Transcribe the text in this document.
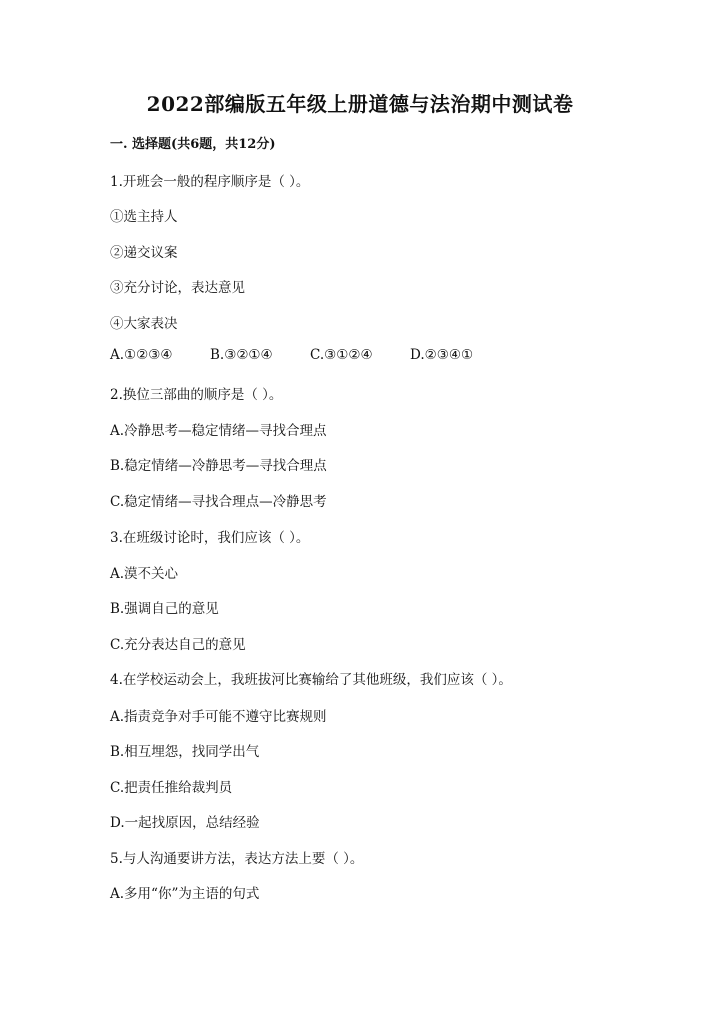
2022部编版五年级上册道德与法治期中测试卷
一. 选择题(共6题，共12分)
1.开班会一般的程序顺序是（ ）。
①选主持人
②递交议案
③充分讨论，表达意见
④大家表决
A.①②③④	B.③②①④	C.③①②④	D.②③④①
2.换位三部曲的顺序是（ ）。
A.冷静思考—稳定情绪—寻找合理点
B.稳定情绪—冷静思考—寻找合理点
C.稳定情绪—寻找合理点—冷静思考
3.在班级讨论时，我们应该（ ）。
A.漠不关心
B.强调自己的意见
C.充分表达自己的意见
4.在学校运动会上，我班拔河比赛输给了其他班级，我们应该（ ）。
A.指责竞争对手可能不遵守比赛规则
B.相互埋怨，找同学出气
C.把责任推给裁判员
D.一起找原因，总结经验
5.与人沟通要讲方法，表达方法上要（ ）。
A.多用“你”为主语的句式
